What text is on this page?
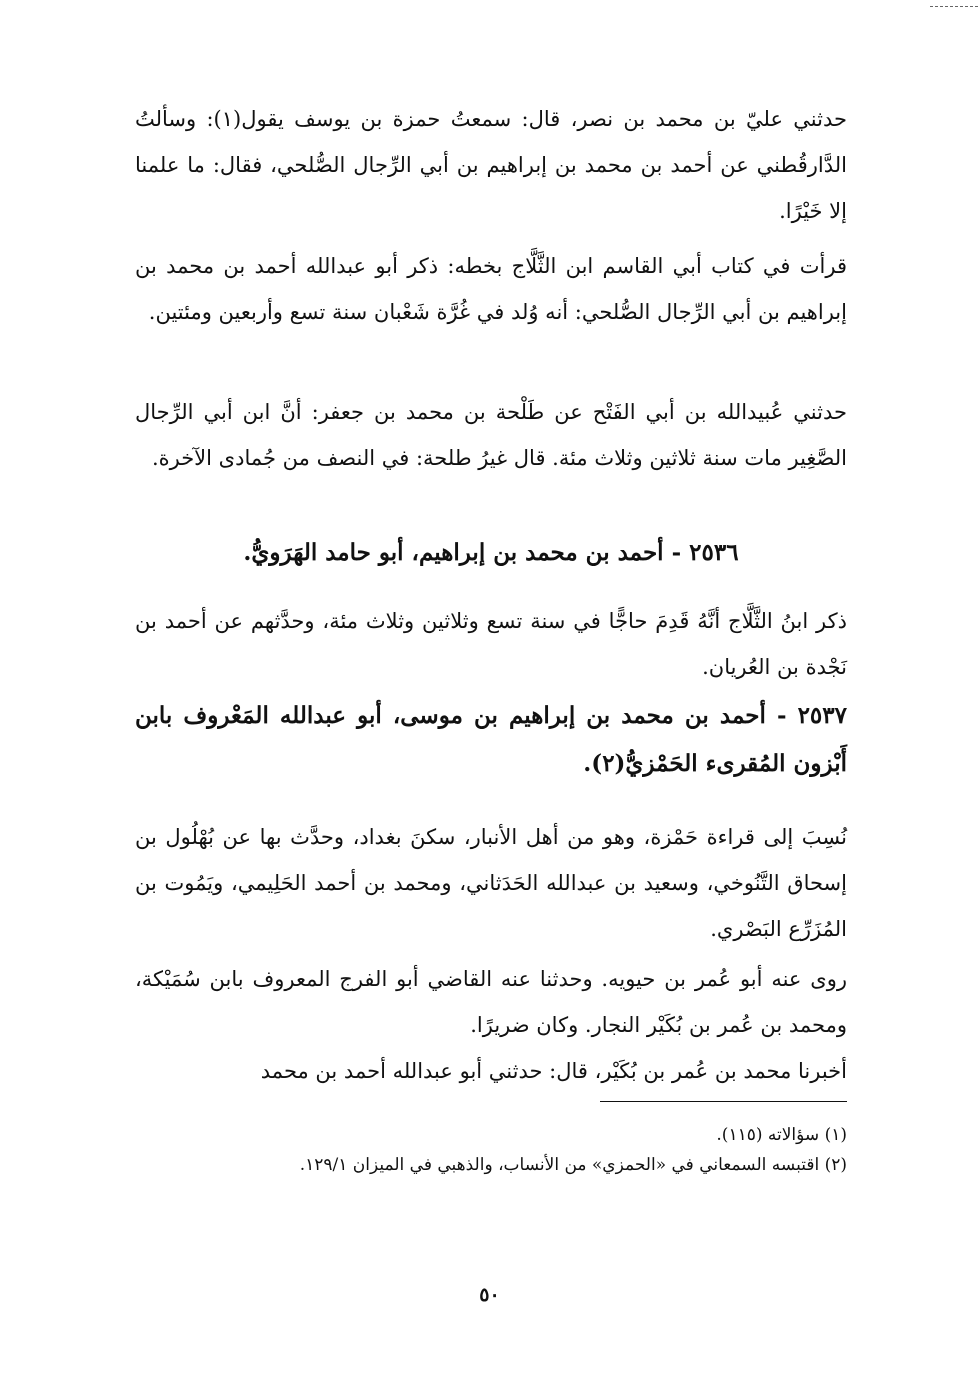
حدثني عليّ بن محمد بن نصر، قال: سمعتُ حمزة بن يوسف يقول(١): وسألتُ الدَّارقُطني عن أحمد بن محمد بن إبراهيم بن أبي الرِّجال الصُّلحي، فقال: ما علمنا إلا خَيْرًا.

قرأت في كتاب أبي القاسم ابن الثَّلَّاج بخطه: ذكر أبو عبدالله أحمد بن محمد بن إبراهيم بن أبي الرِّجال الصُّلحي: أنه وُلد في غُرَّة شَعْبان سنة تسع وأربعين ومئتين.

حدثني عُبيدالله بن أبي الفَتْح عن طَلْحة بن محمد بن جعفر: أنَّ ابن أبي الرِّجال الصَّغِير مات سنة ثلاثين وثلاث مئة. قال غيرُ طلحة: في النصف من جُمادى الآخرة.

٢٥٣٦ - أحمد بن محمد بن إبراهيم، أبو حامد الهَرَويُّ.

ذكر ابنُ الثَّلَّاج أنَّهُ قَدِمَ حاجًّا في سنة تسع وثلاثين وثلاث مئة، وحدَّثهم عن أحمد بن نَجْدة بن العُريان.

٢٥٣٧ - أحمد بن محمد بن إبراهيم بن موسى، أبو عبدالله المَعْروف بابن أَبْزون المُقرىء الحَمْزيُّ(٢).

نُسِبَ إلى قراءة حَمْزة، وهو من أهل الأنبار، سكنَ بغداد، وحدَّث بها عن بُهْلُول بن إسحاق التَّنُوخي، وسعيد بن عبدالله الحَدَثاني، ومحمد بن أحمد الحَلِيمي، ويَمُوت بن المُزَرِّع البَصْري.

روى عنه أبو عُمر بن حيويه. وحدثنا عنه القاضي أبو الفرج المعروف بابن سُمَيْكة، ومحمد بن عُمر بن بُكَيْر النجار. وكان ضريرًا.

أخبرنا محمد بن عُمر بن بُكَيْر، قال: حدثني أبو عبدالله أحمد بن محمد

(١) سؤالاته (١١٥).

(٢) اقتبسه السمعاني في «الحمزي» من الأنساب، والذهبي في الميزان ١٢٩/١.

٥٠
